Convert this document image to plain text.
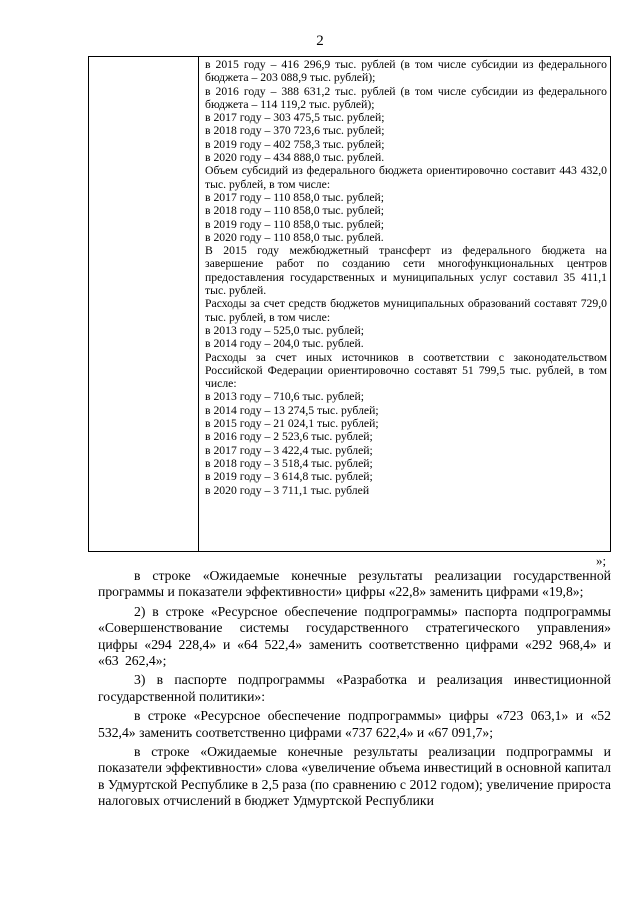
2

в 2015 году – 416 296,9 тыс. рублей (в том числе субсидии из федерального бюджета – 203 088,9 тыс. рублей);

в 2016 году – 388 631,2 тыс. рублей (в том числе субсидии из федерального бюджета – 114 119,2 тыс. рублей);

в 2017 году – 303 475,5 тыс. рублей;

в 2018 году – 370 723,6 тыс. рублей;

в 2019 году – 402 758,3 тыс. рублей;

в 2020 году – 434 888,0 тыс. рублей.

Объем субсидий из федерального бюджета ориентировочно составит 443 432,0 тыс. рублей, в том числе:

в 2017 году – 110 858,0 тыс. рублей;

в 2018 году – 110 858,0 тыс. рублей;

в 2019 году – 110 858,0 тыс. рублей;

в 2020 году – 110 858,0 тыс. рублей.

В 2015 году межбюджетный трансферт из федерального бюджета на завершение работ по созданию сети многофункциональных центров предоставления государственных и муниципальных услуг составил 35 411,1 тыс. рублей.

Расходы за счет средств бюджетов муниципальных образований составят 729,0 тыс. рублей, в том числе:

в 2013 году – 525,0 тыс. рублей;

в 2014 году – 204,0 тыс. рублей.

Расходы за счет иных источников в соответствии с законодательством Российской Федерации ориентировочно составят 51 799,5 тыс. рублей, в том числе:

в 2013 году – 710,6 тыс. рублей;

в 2014 году – 13 274,5 тыс. рублей;

в 2015 году – 21 024,1 тыс. рублей;

в 2016 году – 2 523,6 тыс. рублей;

в 2017 году – 3 422,4 тыс. рублей;

в 2018 году – 3 518,4 тыс. рублей;

в 2019 году – 3 614,8 тыс. рублей;

в 2020 году – 3 711,1 тыс. рублей

»;

в строке «Ожидаемые конечные результаты реализации государственной программы и показатели эффективности» цифры «22,8» заменить цифрами «19,8»;

2) в строке «Ресурсное обеспечение подпрограммы» паспорта подпрограммы «Совершенствование системы государственного стратегического управления» цифры «294 228,4» и «64 522,4» заменить соответственно цифрами «292 968,4» и «63 262,4»;

3) в паспорте подпрограммы «Разработка и реализация инвестиционной государственной политики»:

в строке «Ресурсное обеспечение подпрограммы» цифры «723 063,1» и «52 532,4» заменить соответственно цифрами «737 622,4» и «67 091,7»;

в строке «Ожидаемые конечные результаты реализации подпрограммы и показатели эффективности» слова «увеличение объема инвестиций в основной капитал в Удмуртской Республике в 2,5 раза (по сравнению с 2012 годом); увеличение прироста налоговых отчислений в бюджет Удмуртской Республики
